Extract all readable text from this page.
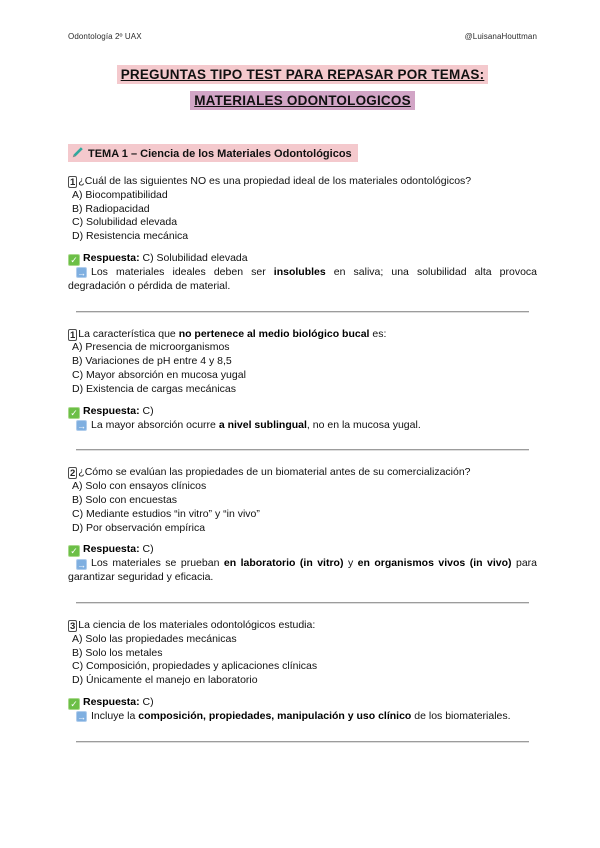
Odontología 2º UAX	@LuisanaHouttman
PREGUNTAS TIPO TEST PARA REPASAR POR TEMAS:
MATERIALES ODONTOLOGICOS
TEMA 1 – Ciencia de los Materiales Odontológicos

1 ¿Cuál de las siguientes NO es una propiedad ideal de los materiales odontológicos?

A) Biocompatibilidad

B) Radiopacidad

C) Solubilidad elevada

D) Resistencia mecánica

✓ Respuesta: C) Solubilidad elevada

→ Los materiales ideales deben ser insolubles en saliva; una solubilidad alta provoca degradación o pérdida de material.

1 La característica que no pertenece al medio biológico bucal es:

A) Presencia de microorganismos

B) Variaciones de pH entre 4 y 8,5

C) Mayor absorción en mucosa yugal

D) Existencia de cargas mecánicas

✓ Respuesta: C)

→ La mayor absorción ocurre a nivel sublingual, no en la mucosa yugal.

2 ¿Cómo se evalúan las propiedades de un biomaterial antes de su comercialización?

A) Solo con ensayos clínicos

B) Solo con encuestas

C) Mediante estudios “in vitro” y “in vivo”

D) Por observación empírica

✓ Respuesta: C)

→ Los materiales se prueban en laboratorio (in vitro) y en organismos vivos (in vivo) para garantizar seguridad y eficacia.

3 La ciencia de los materiales odontológicos estudia:

A) Solo las propiedades mecánicas

B) Solo los metales

C) Composición, propiedades y aplicaciones clínicas

D) Únicamente el manejo en laboratorio

✓ Respuesta: C)

→ Incluye la composición, propiedades, manipulación y uso clínico de los biomateriales.
